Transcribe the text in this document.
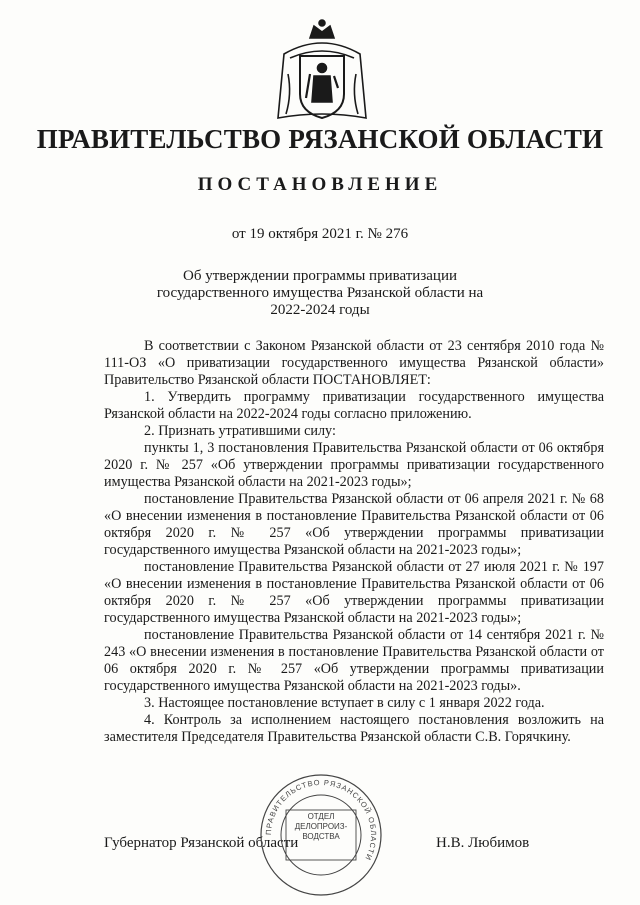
ПРАВИТЕЛЬСТВО РЯЗАНСКОЙ ОБЛАСТИ
ПОСТАНОВЛЕНИЕ
от 19 октября 2021 г. № 276
Об утверждении программы приватизации государственного имущества Рязанской области на 2022-2024 годы

В соответствии с Законом Рязанской области от 23 сентября 2010 года № 111-ОЗ «О приватизации государственного имущества Рязанской области» Правительство Рязанской области ПОСТАНОВЛЯЕТ:

1. Утвердить программу приватизации государственного имущества Рязанской области на 2022-2024 годы согласно приложению.

2. Признать утратившими силу:

пункты 1, 3 постановления Правительства Рязанской области от 06 октября 2020 г. № 257 «Об утверждении программы приватизации государственного имущества Рязанской области на 2021-2023 годы»;

постановление Правительства Рязанской области от 06 апреля 2021 г. № 68 «О внесении изменения в постановление Правительства Рязанской области от 06 октября 2020 г. № 257 «Об утверждении программы приватизации государственного имущества Рязанской области на 2021-2023 годы»;

постановление Правительства Рязанской области от 27 июля 2021 г. № 197 «О внесении изменения в постановление Правительства Рязанской области от 06 октября 2020 г. № 257 «Об утверждении программы приватизации государственного имущества Рязанской области на 2021-2023 годы»;

постановление Правительства Рязанской области от 14 сентября 2021 г. № 243 «О внесении изменения в постановление Правительства Рязанской области от 06 октября 2020 г. № 257 «Об утверждении программы приватизации государственного имущества Рязанской области на 2021-2023 годы».

3. Настоящее постановление вступает в силу с 1 января 2022 года.

4. Контроль за исполнением настоящего постановления возложить на заместителя Председателя Правительства Рязанской области С.В. Горячкину.

Губернатор Рязанской области	Н.В. Любимов
ПРАВИТЕЛЬСТВО РЯЗАНСКОЙ ОБЛАСТИ
ОТДЕЛ
ДЕЛОПРОИЗ-
ВОДСТВА
